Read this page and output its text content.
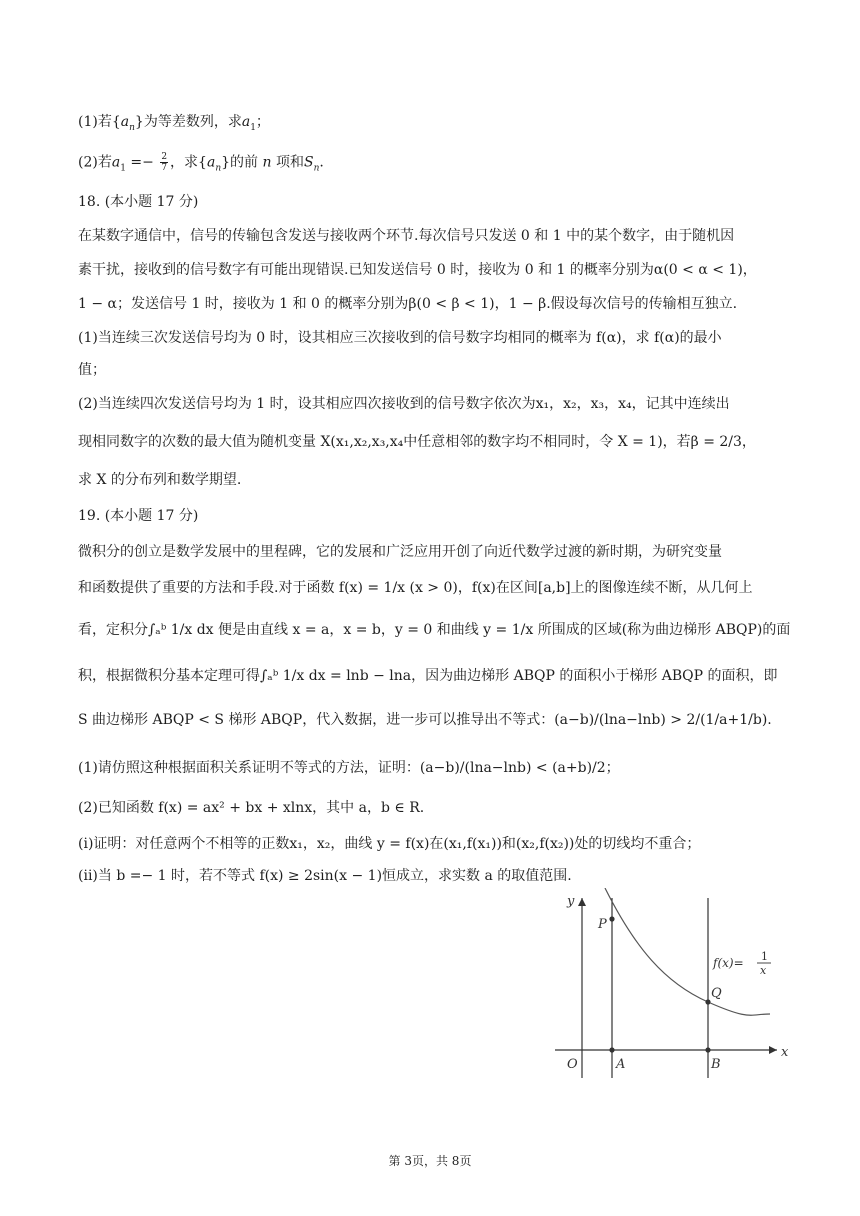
(1)若$\{a_n\}$为等差数列，求$a_1$；
(2)若$a_1 =- \frac{2}{7}$ ，求$\{a_n\}$的前 n 项和$S_n$.
18. (本小题 17 分)
在某数字通信中，信号的传输包含发送与接收两个环节.每次信号只发送 0 和 1 中的某个数字，由于随机因
素干扰，接收到的信号数字有可能出现错误.已知发送信号 0 时，接收为 0 和 1 的概率分别为α(0 < α < 1)，
1 − α；发送信号 1 时，接收为 1 和 0 的概率分别为β(0 < β < 1)，1 − β.假设每次信号的传输相互独立.
(1)当连续三次发送信号均为 0 时，设其相应三次接收到的信号数字均相同的概率为 f(α)，求 f(α)的最小
值；
(2)当连续四次发送信号均为 1 时，设其相应四次接收到的信号数字依次为x₁，x₂，x₃，x₄，记其中连续出
现相同数字的次数的最大值为随机变量 X(x₁,x₂,x₃,x₄中任意相邻的数字均不相同时，令 X = 1)，若β = 2/3，
求 X 的分布列和数学期望.
19. (本小题 17 分)
微积分的创立是数学发展中的里程碑，它的发展和广泛应用开创了向近代数学过渡的新时期，为研究变量
和函数提供了重要的方法和手段.对于函数 f(x) = 1/x (x > 0)，f(x)在区间[a,b]上的图像连续不断，从几何上
看，定积分∫ₐᵇ 1/x dx 便是由直线 x = a，x = b，y = 0 和曲线 y = 1/x 所围成的区域(称为曲边梯形 ABQP)的面
积，根据微积分基本定理可得∫ₐᵇ 1/x dx = lnb − lna，因为曲边梯形 ABQP 的面积小于梯形 ABQP 的面积，即
S 曲边梯形 ABQP < S 梯形 ABQP，代入数据，进一步可以推导出不等式：(a−b)/(lna−lnb) > 2/(1/a+1/b).
(1)请仿照这种根据面积关系证明不等式的方法，证明：(a−b)/(lna−lnb) < (a+b)/2；
(2)已知函数 f(x) = ax² + bx + xlnx，其中 a，b ∈ R.
(i)证明：对任意两个不相等的正数x₁，x₂，曲线 y = f(x)在(x₁,f(x₁))和(x₂,f(x₂))处的切线均不重合；
(ii)当 b =− 1 时，若不等式 f(x) ≥ 2sin(x − 1)恒成立，求实数 a 的取值范围.
y
x
O	A	B
P
Q
f(x)= 1
x
第 3页，共 8页
